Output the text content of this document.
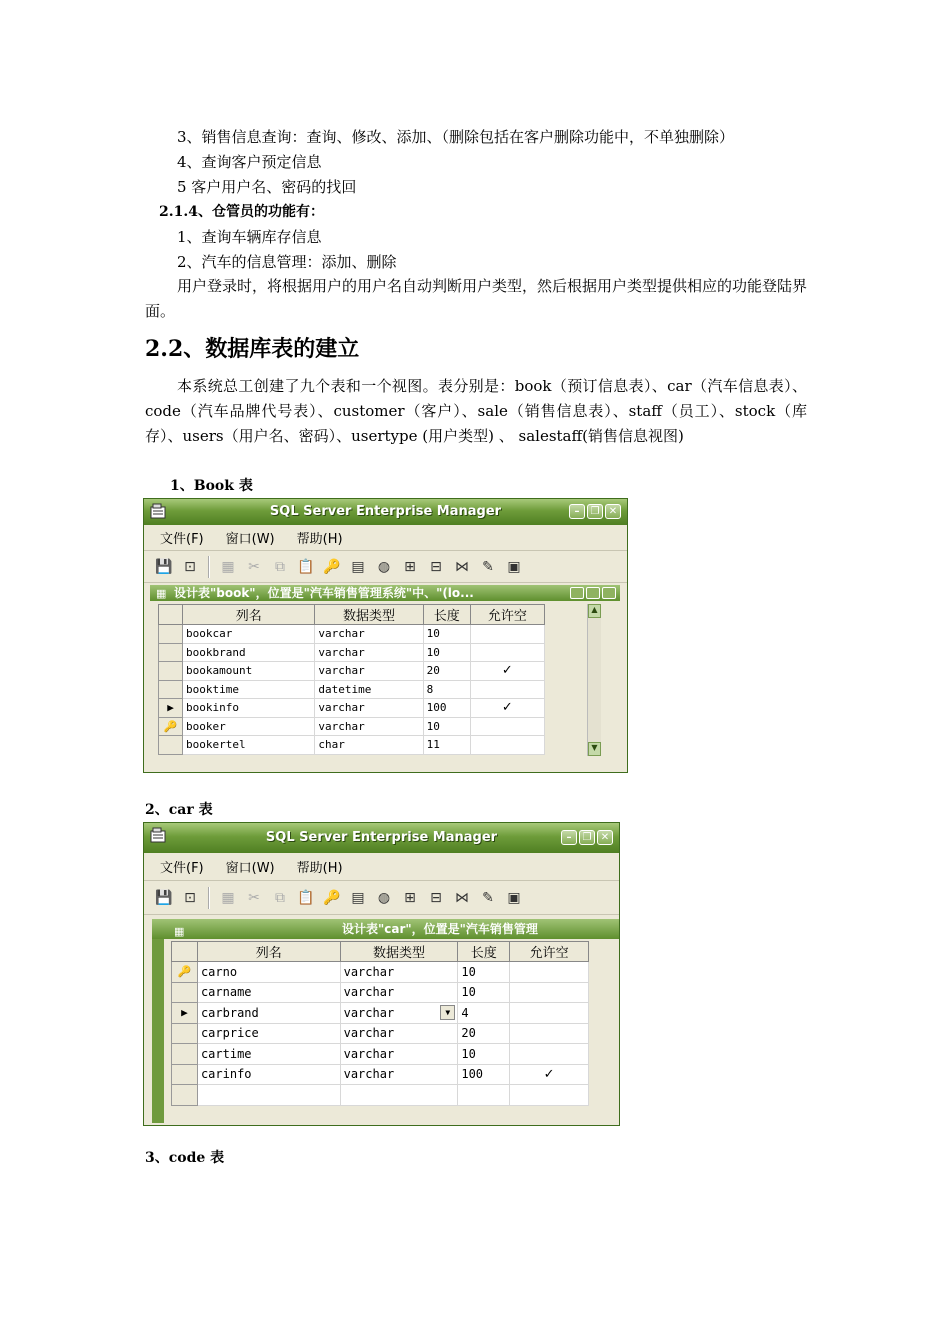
3、销售信息查询：查询、修改、添加、（删除包括在客户删除功能中，不单独删除）
4、查询客户预定信息
5 客户用户名、密码的找回
2.1.4、仓管员的功能有：
1、查询车辆库存信息
2、汽车的信息管理：添加、删除
用户登录时，将根据用户的用户名自动判断用户类型，然后根据用户类型提供相应的功能登陆界面。
2.2、数据库表的建立
本系统总工创建了九个表和一个视图。表分别是：book（预订信息表）、car（汽车信息表）、code（汽车品牌代号表）、customer（客户）、sale（销售信息表）、staff（员工）、stock（库存）、users（用户名、密码）、usertype (用户类型) 、 salestaff(销售信息视图)
1、Book 表
SQL Server Enterprise Manager	–	❐ ✕
文件(F) 窗口(W) 帮助(H)
💾 ⊡ ▦ ✂	⧉ 📋 🔑 ▤ ◍ ⊞ ⊟ ⋈ ✎ ▣
▦ 设计表"book"，位置是"汽车销售管理系统"中、"(lo...
	列名	数据类型	长度	允许空
	bookcar	varchar	10	
	bookbrand	varchar	10	
	bookamount	varchar	20	✓
	booktime	datetime	8	
▶	bookinfo	varchar	100	✓
🔑	booker	varchar	10	
	bookertel	char	11	
▲
▼
2、car 表
SQL Server Enterprise Manager	–	❐ ✕
文件(F) 窗口(W) 帮助(H)
💾 ⊡ ▦ ✂	⧉ 📋 🔑 ▤ ◍ ⊞ ⊟ ⋈ ✎ ▣
▦	设计表"car"，位置是"汽车销售管理
	列名	数据类型	长度	允许空
🔑	carno	varchar	10	
	carname	varchar	10	
▶	carbrand	varchar ▼	4	
	carprice	varchar	20	
	cartime	varchar	10	
	carinfo	varchar	100	✓

3、code 表
